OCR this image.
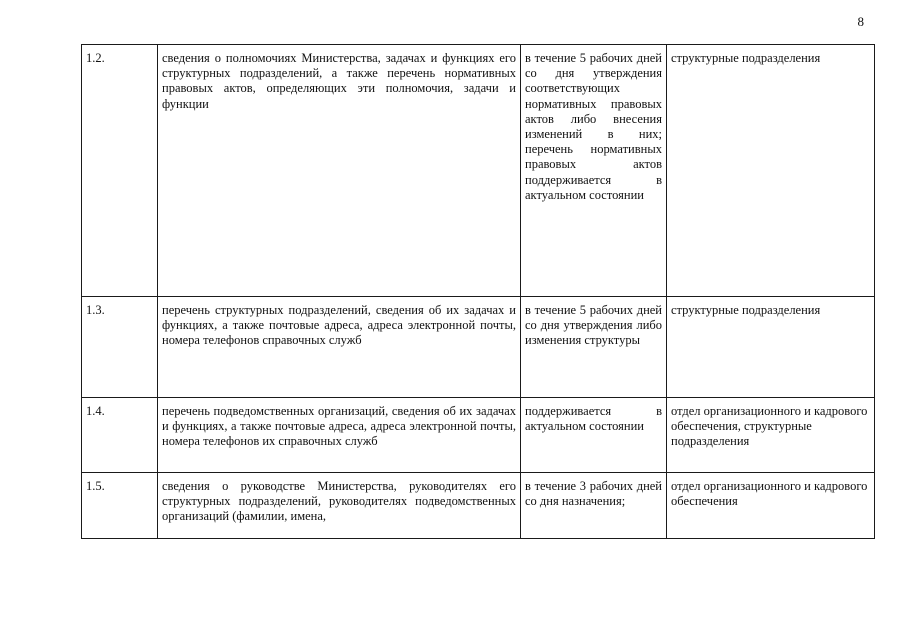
8
1.2.	сведения о полномочиях Министерства, задачах и функциях его структурных подразделений, а также перечень нормативных правовых актов, определяющих эти полномочия, задачи и функции	в течение 5 рабочих дней со дня утверждения соответствующих нормативных правовых актов либо внесения изменений в них; перечень нормативных правовых актов поддерживается в актуальном состоянии	структурные подразделения
1.3.	перечень структурных подразделений, сведения об их задачах и функциях, а также почтовые адреса, адреса электронной почты, номера телефонов справочных служб	в течение 5 рабочих дней со дня утверждения либо изменения структуры	структурные подразделения
1.4.	перечень подведомственных организаций, сведения об их задачах и функциях, а также почтовые адреса, адреса электронной почты, номера телефонов их справочных служб	поддерживается в актуальном состоянии	отдел организационного и кадрового обеспечения, структурные подразделения
1.5.	сведения о руководстве Министерства, руководителях его структурных подразделений, руководителях подведомственных организаций (фамилии, имена,	в течение 3 рабочих дней со дня назначения;	отдел организационного и кадрового обеспечения
